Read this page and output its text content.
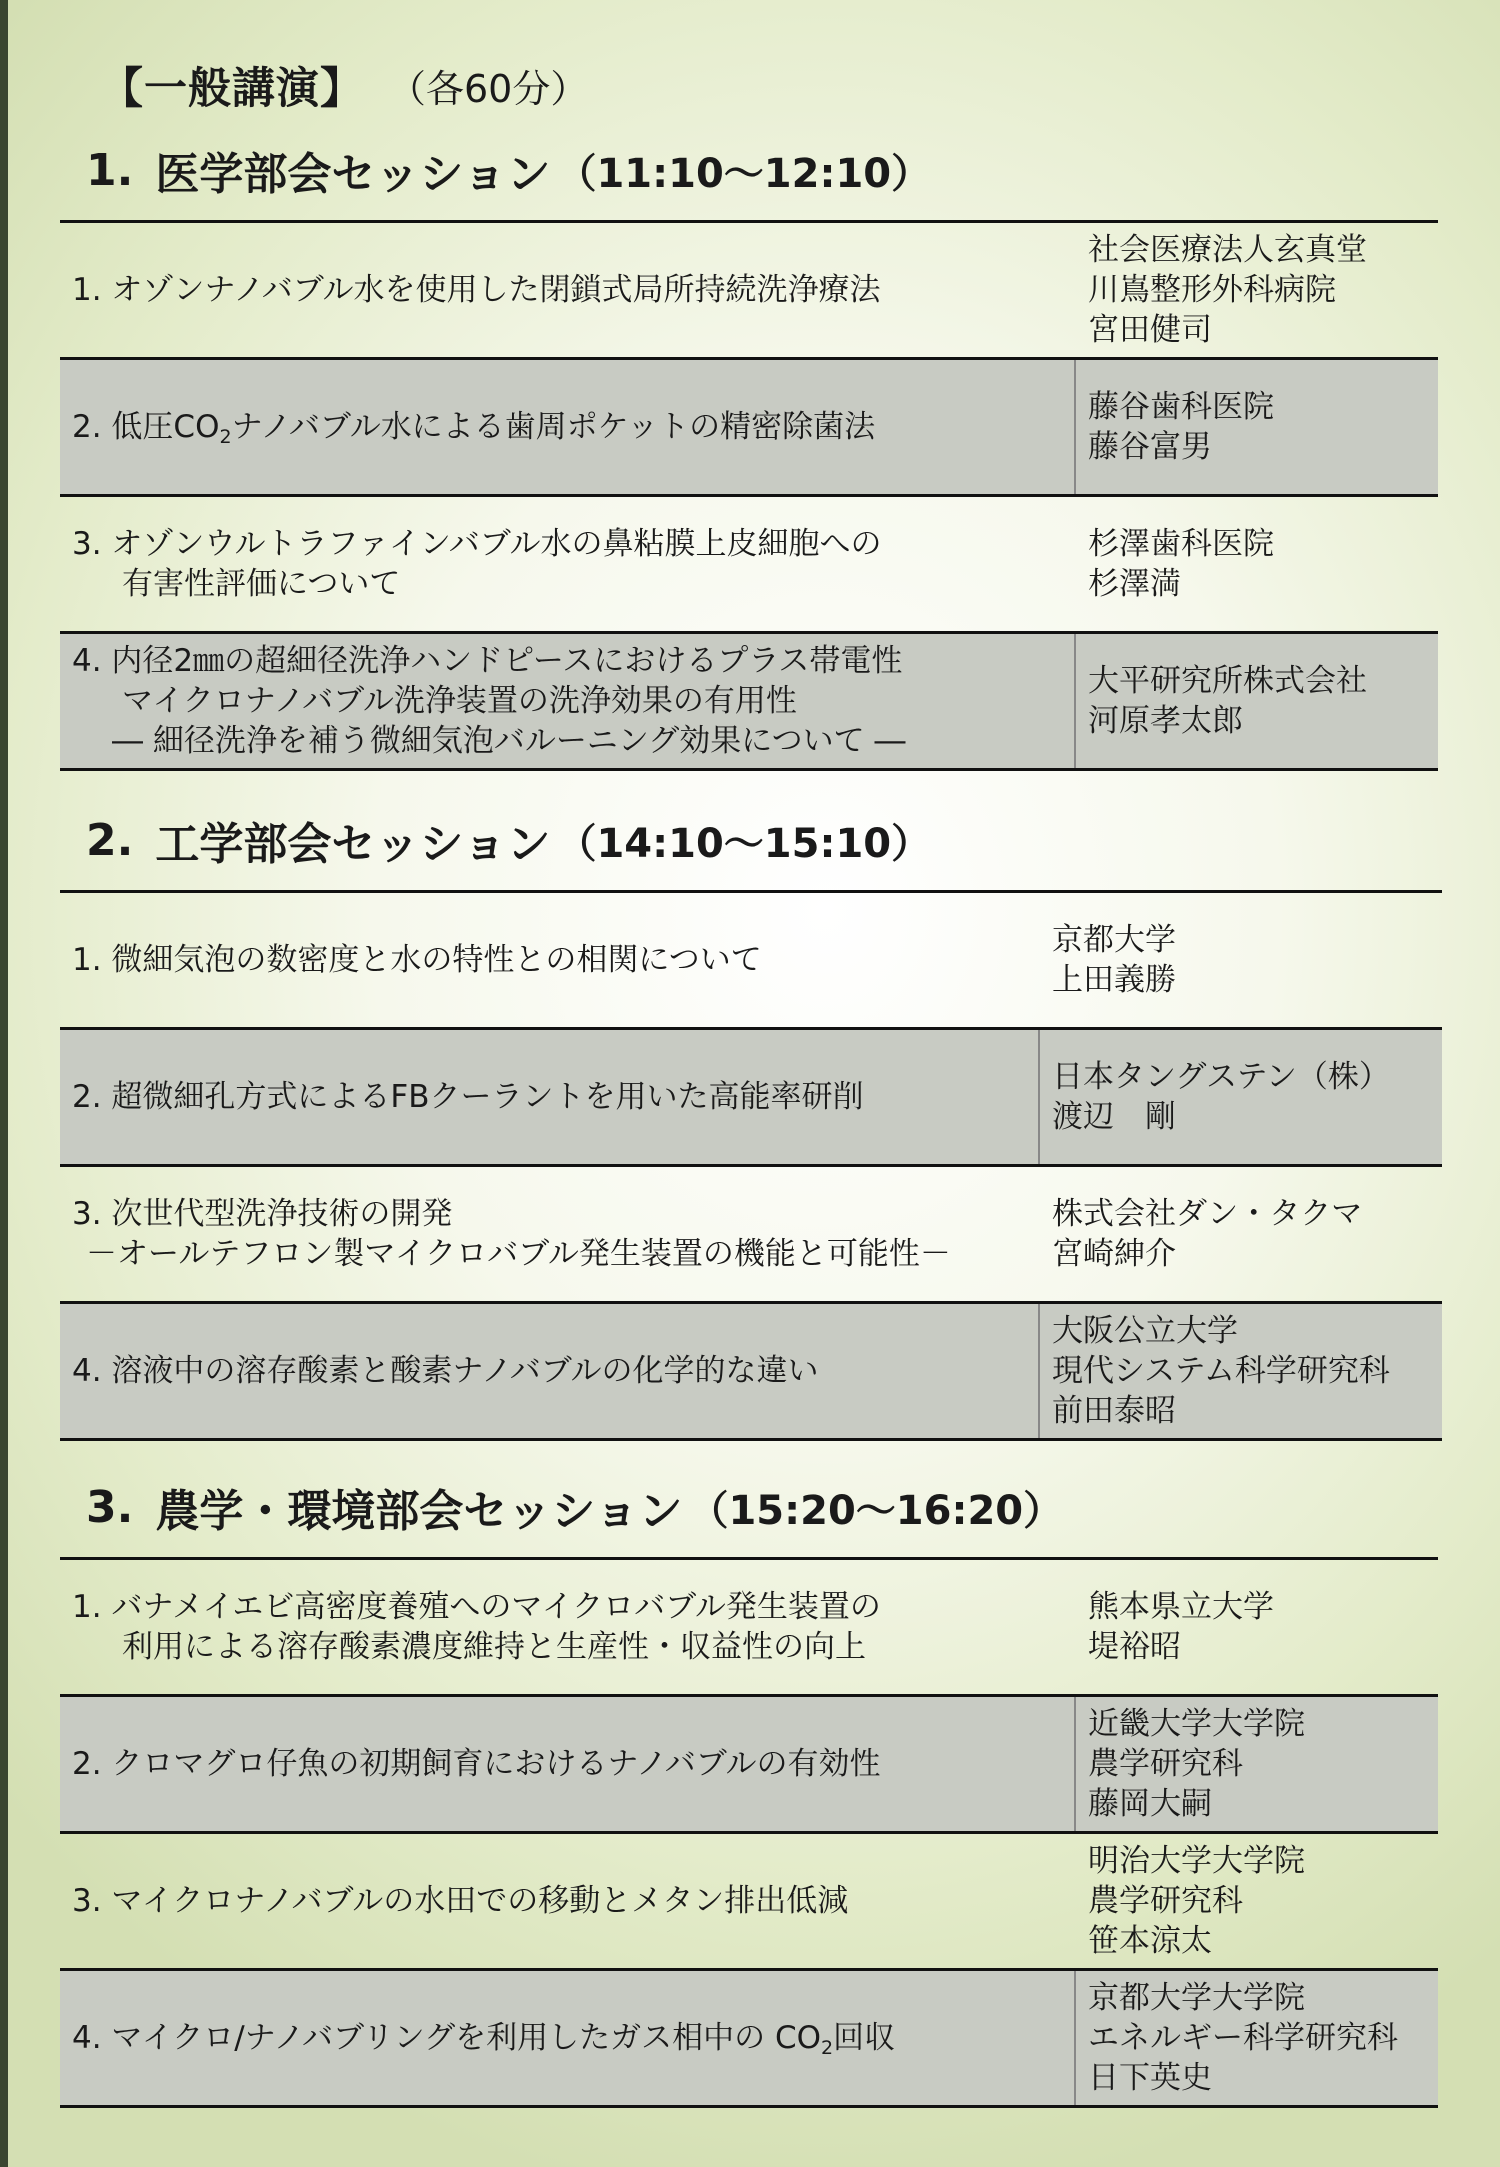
【一般講演】 （各60分）
1. 医学部会セッション （11:10～12:10）
1. オゾンナノバブル水を使用した閉鎖式局所持続洗浄療法
社会医療法人玄真堂
川嶌整形外科病院
宮田健司
2. 低圧$CO_2$ナノバブル水による歯周ポケットの精密除菌法
藤谷歯科医院
藤谷富男
3. オゾンウルトラファインバブル水の鼻粘膜上皮細胞への
有害性評価について
杉澤歯科医院
杉澤満
4. 内径2㎜の超細径洗浄ハンドピースにおけるプラス帯電性
マイクロナノバブル洗浄装置の洗浄効果の有用性
― 細径洗浄を補う微細気泡バルーニング効果について ―
大平研究所株式会社
河原孝太郎
2. 工学部会セッション （14:10～15:10）
1. 微細気泡の数密度と水の特性との相関について
京都大学
上田義勝
2. 超微細孔方式によるFBクーラントを用いた高能率研削
日本タングステン（株）
渡辺　剛
3. 次世代型洗浄技術の開発
－オールテフロン製マイクロバブル発生装置の機能と可能性－
株式会社ダン・タクマ
宮崎紳介
4. 溶液中の溶存酸素と酸素ナノバブルの化学的な違い
大阪公立大学
現代システム科学研究科
前田泰昭
3. 農学・環境部会セッション （15:20～16:20）
1. バナメイエビ高密度養殖へのマイクロバブル発生装置の
利用による溶存酸素濃度維持と生産性・収益性の向上
熊本県立大学
堤裕昭
2. クロマグロ仔魚の初期飼育におけるナノバブルの有効性
近畿大学大学院
農学研究科
藤岡大嗣
3. マイクロナノバブルの水田での移動とメタン排出低減
明治大学大学院
農学研究科
笹本涼太
4. マイクロ/ナノバブリングを利用したガス相中の $CO_2$回収
京都大学大学院
エネルギー科学研究科
日下英史
